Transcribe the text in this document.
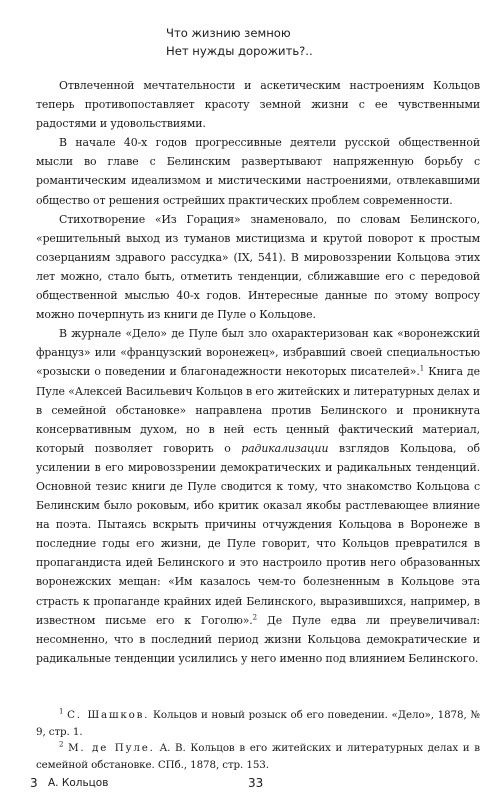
Что жизнию земною
Нет нужды дорожить?..

Отвлеченной мечтательности и аскетическим настроениям Кольцов теперь противопоставляет красоту земной жизни с ее чувственными радостями и удовольствиями.

В начале 40-х годов прогрессивные деятели русской общественной мысли во главе с Белинским развертывают напряженную борьбу с романтическим идеализмом и мистическими настроениями, отвлекавшими общество от решения острейших практических проблем современности.

Стихотворение «Из Горация» знаменовало, по словам Белинского, «решительный выход из туманов мистицизма и крутой поворот к простым созерцаниям здравого рассудка» (IX, 541). В мировоззрении Кольцова этих лет можно, стало быть, отметить тенденции, сближавшие его с передовой общественной мыслью 40-х годов. Интересные данные по этому вопросу можно почерпнуть из книги де Пуле о Кольцове.

В журнале «Дело» де Пуле был зло охарактеризован как «воронежский француз» или «французский воронежец», избравший своей специальностью «розыски о поведении и благонадежности некоторых писателей».$^1$ Книга де Пуле «Алексей Васильевич Кольцов в его житейских и литературных делах и в семейной обстановке» направлена против Белинского и проникнута консервативным духом, но в ней есть ценный фактический материал, который позволяет говорить о радикализации взглядов Кольцова, об усилении в его мировоззрении демократических и радикальных тенденций. Основной тезис книги де Пуле сводится к тому, что знакомство Кольцова с Белинским было роковым, ибо критик оказал якобы растлевающее влияние на поэта. Пытаясь вскрыть причины отчуждения Кольцова в Воронеже в последние годы его жизни, де Пуле говорит, что Кольцов превратился в пропагандиста идей Белинского и это настроило против него образованных воронежских мещан: «Им казалось чем-то болезненным в Кольцове эта страсть к пропаганде крайних идей Белинского, выразившихся, например, в известном письме его к Гоголю».$^2$ Де Пуле едва ли преувеличивал: несомненно, что в последний период жизни Кольцова демократические и радикальные тенденции усилились у него именно под влиянием Белинского.

$^1$ С. Шашков. Кольцов и новый розыск об его поведении. «Дело», 1878, № 9, стр. 1.

$^2$ М. де Пуле. А. В. Кольцов в его житейских и литературных делах и в семейной обстановке. СПб., 1878, стр. 153.

3 А. Кольцов	33
